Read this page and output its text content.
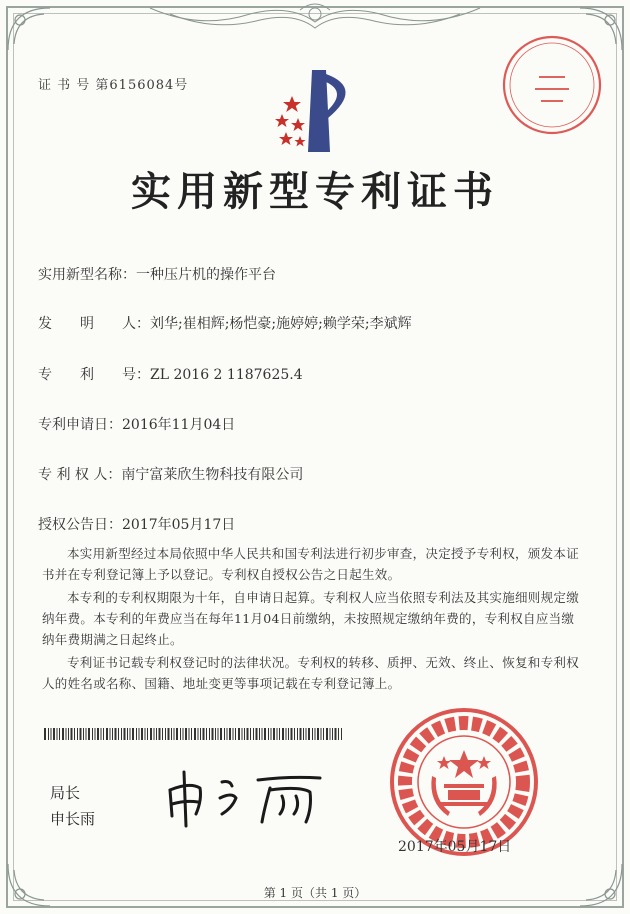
证 书 号 第6156084号
实用新型专利证书
实用新型名称：一种压片机的操作平台
发　　明　　人：刘华;崔相辉;杨恺豪;施婷婷;赖学荣;李斌辉
专　　利　　号：ZL 2016 2 1187625.4
专利申请日：2016年11月04日
专 利 权 人：南宁富莱欣生物科技有限公司
授权公告日：2017年05月17日
本实用新型经过本局依照中华人民共和国专利法进行初步审查，决定授予专利权，颁发本证书并在专利登记簿上予以登记。专利权自授权公告之日起生效。
本专利的专利权期限为十年，自申请日起算。专利权人应当依照专利法及其实施细则规定缴纳年费。本专利的年费应当在每年11月04日前缴纳，未按照规定缴纳年费的，专利权自应当缴纳年费期满之日起终止。
专利证书记载专利权登记时的法律状况。专利权的转移、质押、无效、终止、恢复和专利权人的姓名或名称、国籍、地址变更等事项记载在专利登记簿上。
局长
申长雨
2017年05月17日
第 1 页（共 1 页）
